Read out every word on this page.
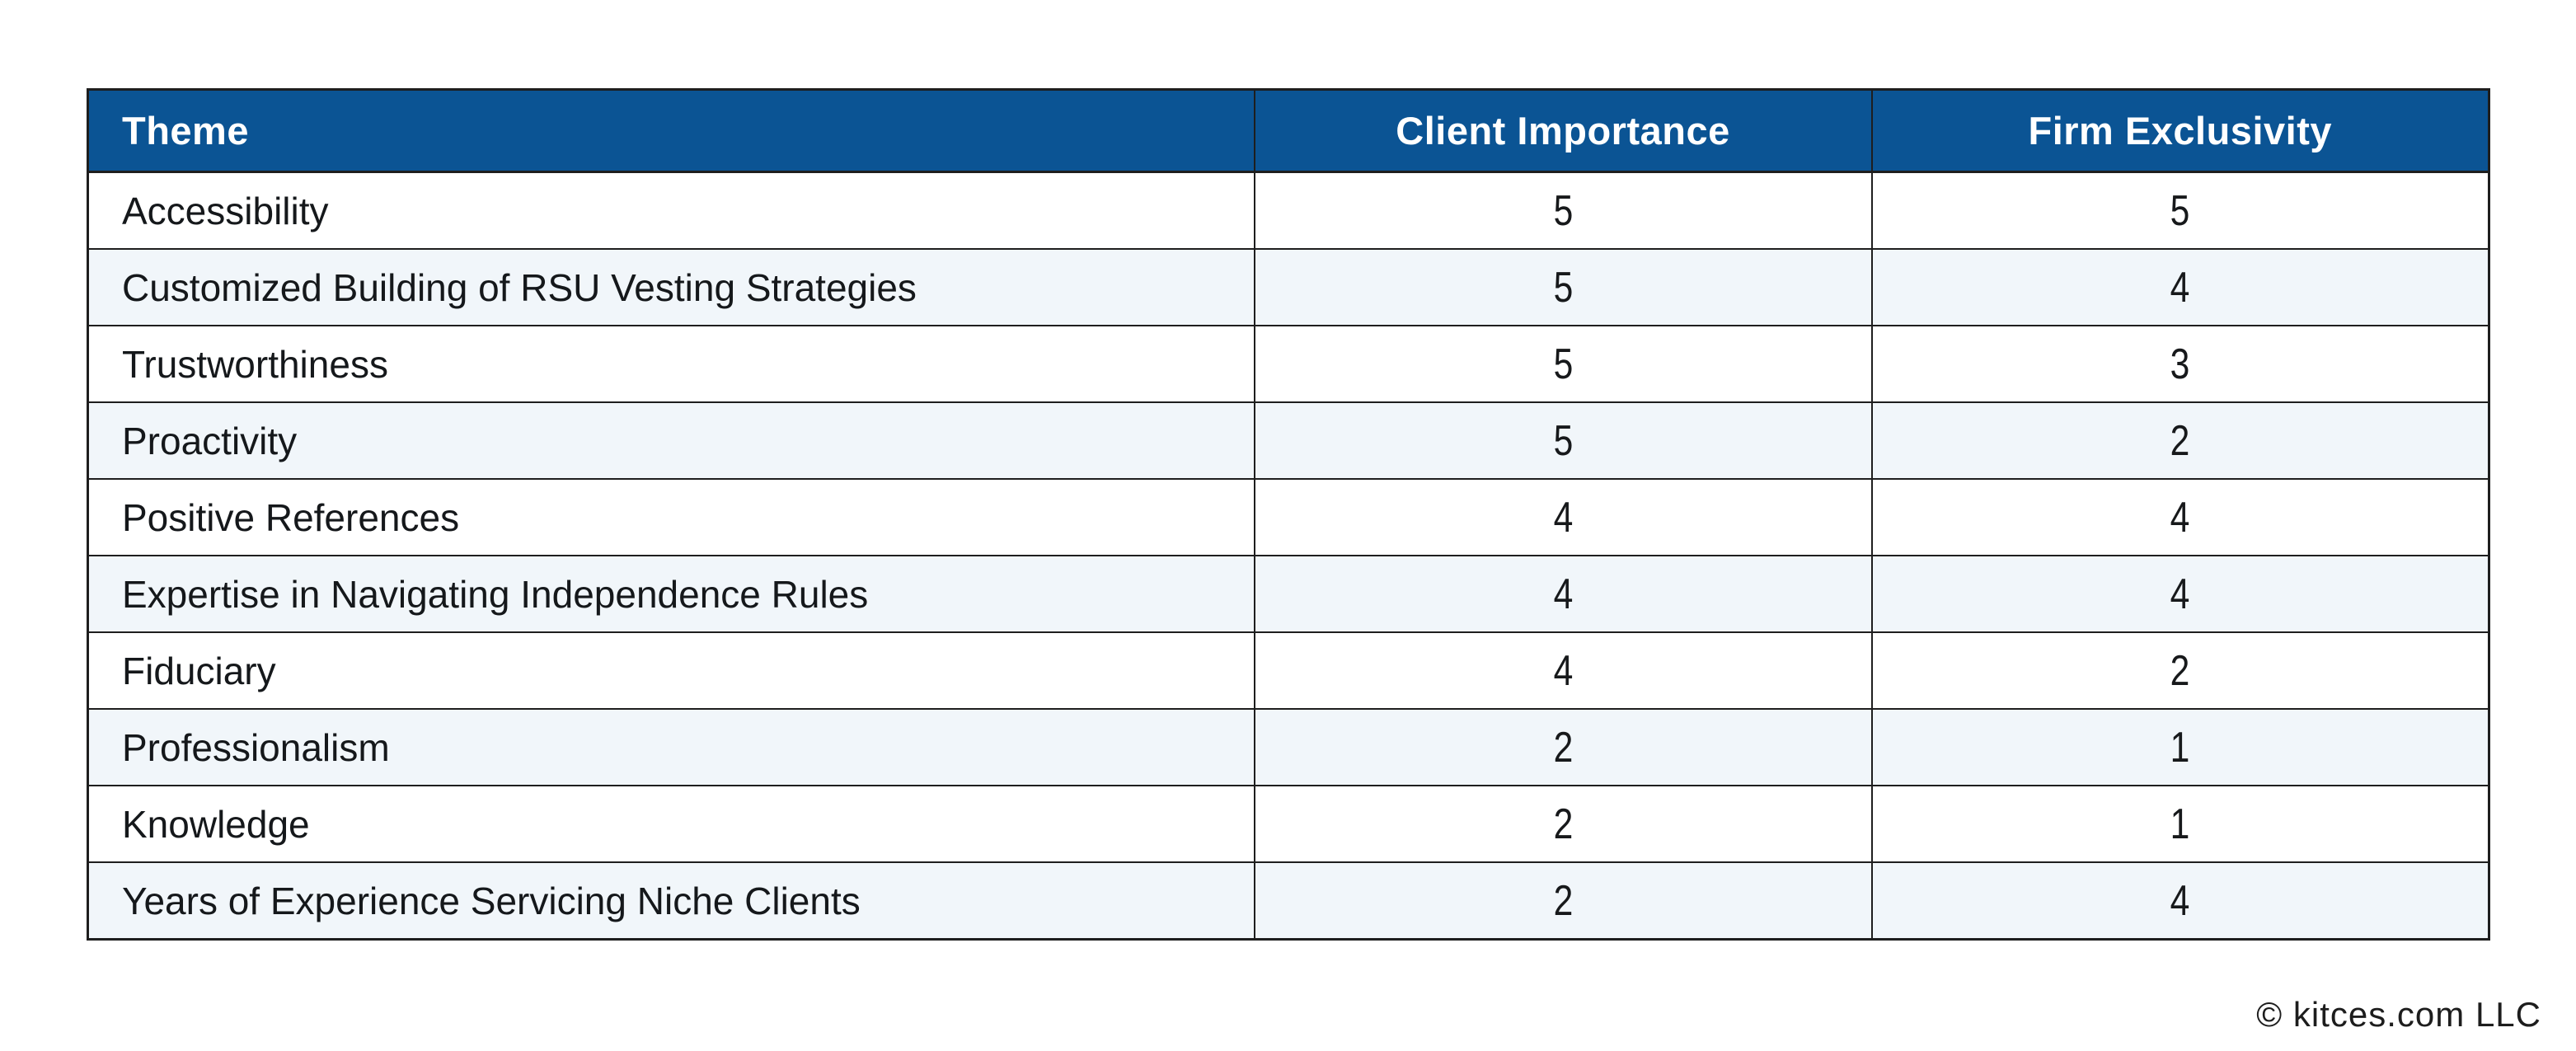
Theme	Client Importance	Firm Exclusivity
Accessibility	5	5
Customized Building of RSU Vesting Strategies	5	4
Trustworthiness	5	3
Proactivity	5	2
Positive References	4	4
Expertise in Navigating Independence Rules	4	4
Fiduciary	4	2
Professionalism	2	1
Knowledge	2	1
Years of Experience Servicing Niche Clients	2	4
© kitces.com LLC
